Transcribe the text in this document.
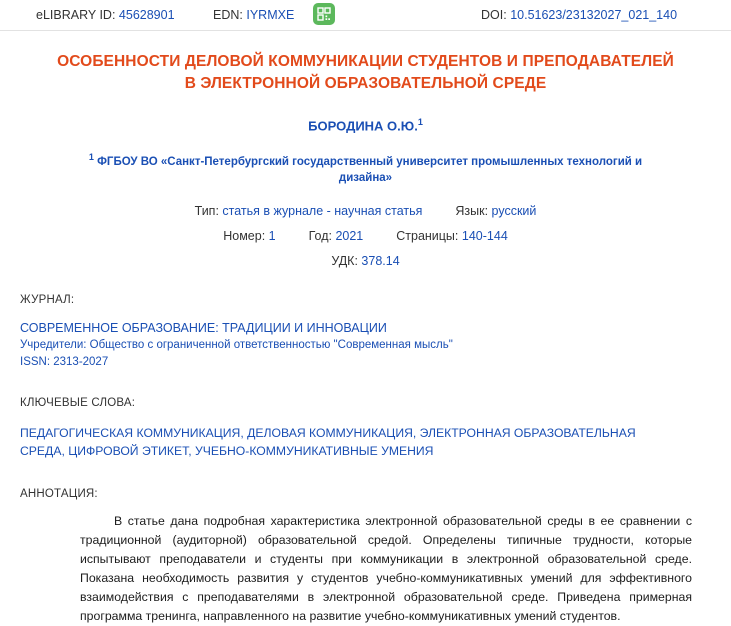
eLIBRARY ID: 45628901	EDN: IYRMXE	DOI: 10.51623/23132027_021_140
ОСОБЕННОСТИ ДЕЛОВОЙ КОММУНИКАЦИИ СТУДЕНТОВ И ПРЕПОДАВАТЕЛЕЙ В ЭЛЕКТРОННОЙ ОБРАЗОВАТЕЛЬНОЙ СРЕДЕ
БОРОДИНА О.Ю.$^1$
$^1$ ФГБОУ ВО «Санкт-Петербургский государственный университет промышленных технологий и дизайна»
Тип: статья в журнале - научная статья	Язык: русский
Номер: 1	Год: 2021	Страницы: 140-144
УДК: 378.14
ЖУРНАЛ:
СОВРЕМЕННОЕ ОБРАЗОВАНИЕ: ТРАДИЦИИ И ИННОВАЦИИ
Учредители: Общество с ограниченной ответственностью "Современная мысль"
ISSN: 2313-2027
КЛЮЧЕВЫЕ СЛОВА:
ПЕДАГОГИЧЕСКАЯ КОММУНИКАЦИЯ, ДЕЛОВАЯ КОММУНИКАЦИЯ, ЭЛЕКТРОННАЯ ОБРАЗОВАТЕЛЬНАЯ СРЕДА, ЦИФРОВОЙ ЭТИКЕТ, УЧЕБНО-КОММУНИКАТИВНЫЕ УМЕНИЯ
АННОТАЦИЯ:
В статье дана подробная характеристика электронной образовательной среды в ее сравнении с традиционной (аудиторной) образовательной средой. Определены типичные трудности, которые испытывают преподаватели и студенты при коммуникации в электронной образовательной среде. Показана необходимость развития у студентов учебно-коммуникативных умений для эффективного взаимодействия с преподавателями в электронной образовательной среде. Приведена примерная программа тренинга, направленного на развитие учебно-коммуникативных умений студентов.
